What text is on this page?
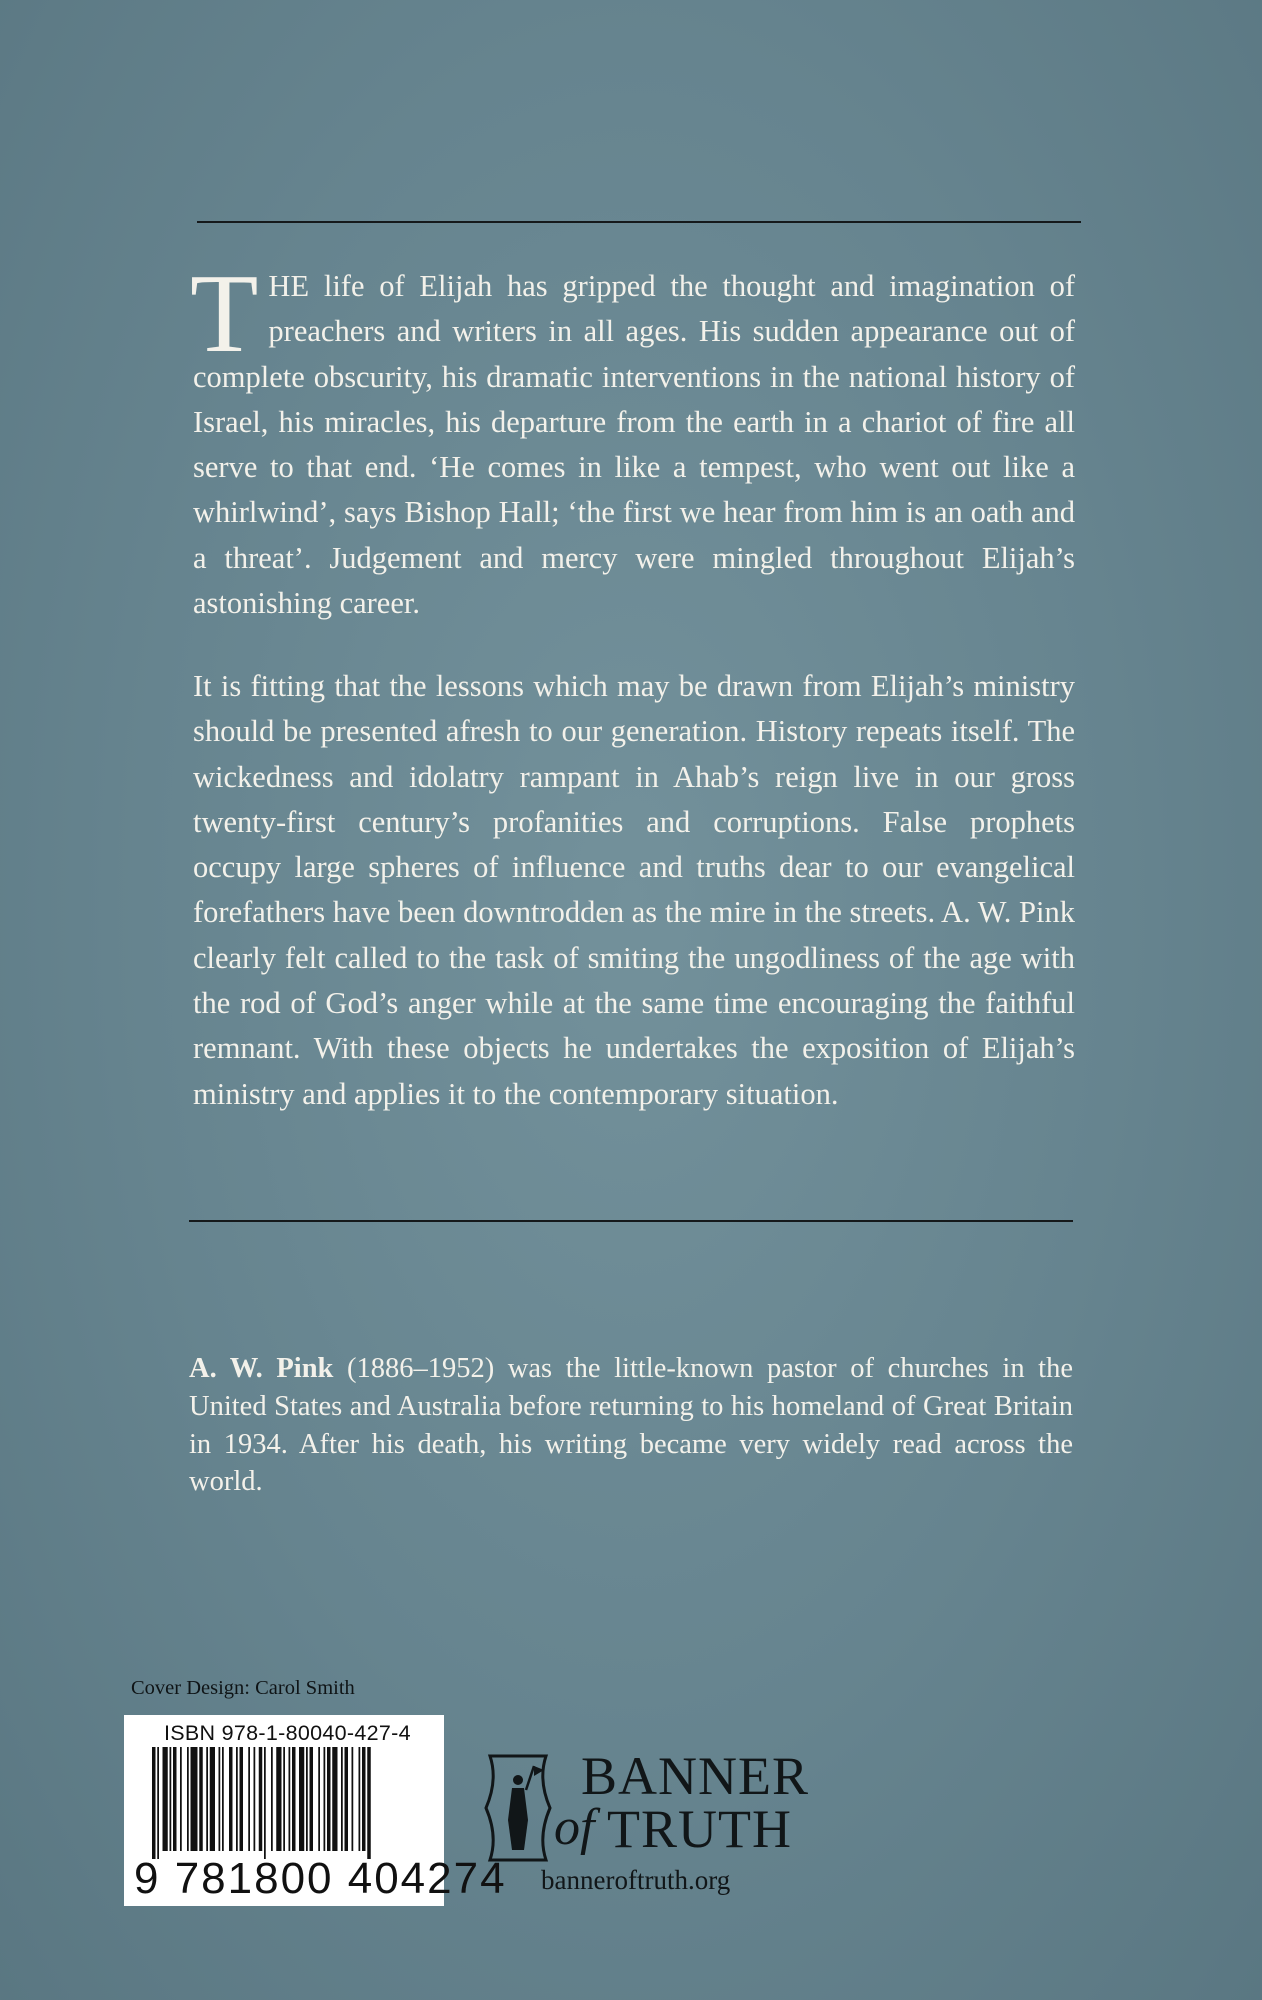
THE life of Elijah has gripped the thought and imagination of preachers and writers in all ages. His sudden appearance out of complete obscurity, his dramatic interventions in the national history of Israel, his miracles, his departure from the earth in a chariot of fire all serve to that end. ‘He comes in like a tempest, who went out like a whirlwind’, says Bishop Hall; ‘the first we hear from him is an oath and a threat’. Judgement and mercy were mingled throughout Elijah’s astonishing career.

It is fitting that the lessons which may be drawn from Elijah’s ministry should be presented afresh to our generation. History repeats itself. The wickedness and idolatry rampant in Ahab’s reign live in our gross twenty-first century’s profanities and corruptions. False prophets occupy large spheres of influence and truths dear to our evangelical forefathers have been downtrodden as the mire in the streets. A. W. Pink clearly felt called to the task of smiting the ungodliness of the age with the rod of God’s anger while at the same time encouraging the faithful remnant. With these objects he undertakes the exposition of Elijah’s ministry and applies it to the contemporary situation.

A. W. Pink (1886–1952) was the little-known pastor of churches in the United States and Australia before returning to his homeland of Great Britain in 1934. After his death, his writing became very widely read across the world.
Cover Design: Carol Smith
ISBN 978-1-80040-427-4
9 781800 404274
BANNER
of TRUTH
banneroftruth.org
